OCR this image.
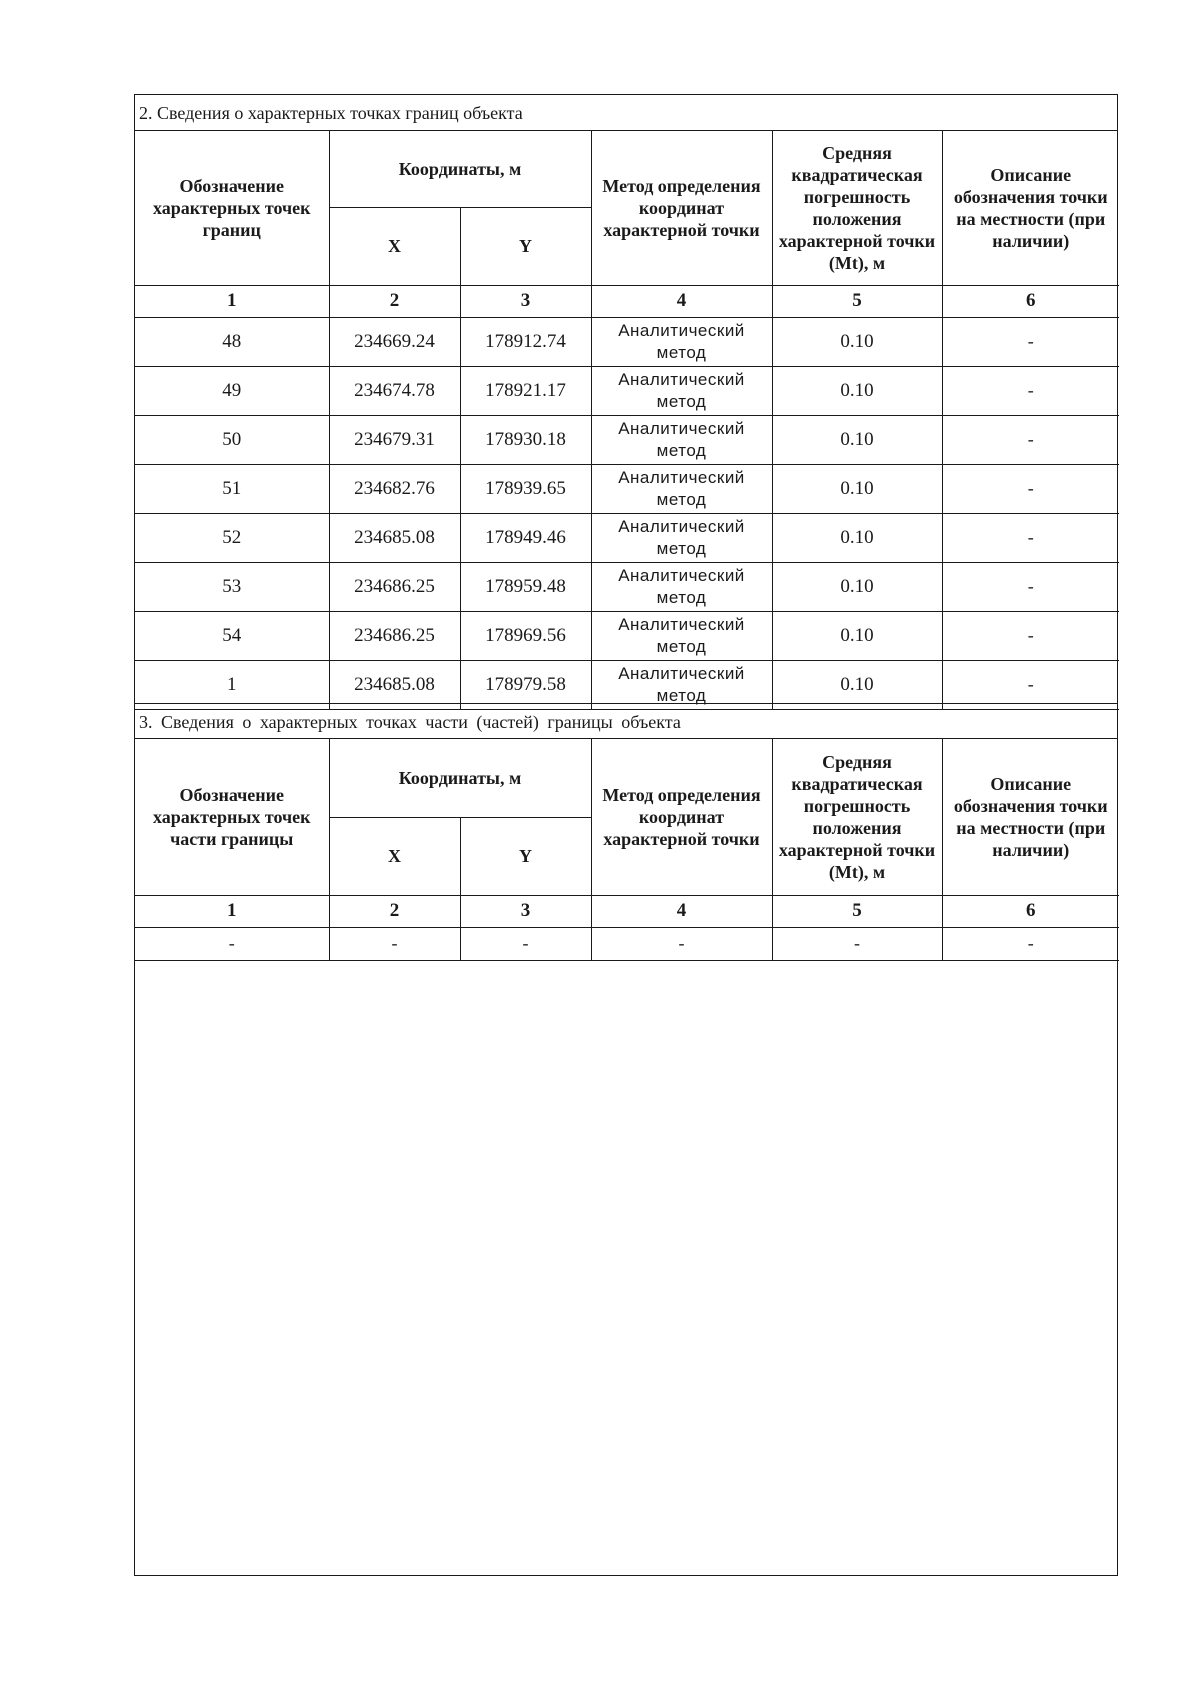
2. Сведения о характерных точках границ объекта
Обозначение характерных точек границ	Координаты, м		Метод определения координат характерной точки	Средняя квадратическая погрешность положения характерной точки (Mt), м	Описание обозначения точки на местности (при наличии)
	X	Y			
1	2	3	4	5	6
48	234669.24	178912.74	Аналитический метод	0.10	-
49	234674.78	178921.17	Аналитический метод	0.10	-
50	234679.31	178930.18	Аналитический метод	0.10	-
51	234682.76	178939.65	Аналитический метод	0.10	-
52	234685.08	178949.46	Аналитический метод	0.10	-
53	234686.25	178959.48	Аналитический метод	0.10	-
54	234686.25	178969.56	Аналитический метод	0.10	-
1	234685.08	178979.58	Аналитический метод	0.10	-
3. Сведения о характерных точках части (частей) границы объекта
Обозначение характерных точек части границы	Координаты, м		Метод определения координат характерной точки	Средняя квадратическая погрешность положения характерной точки (Mt), м	Описание обозначения точки на местности (при наличии)
	X	Y			
1	2	3	4	5	6
-	-	-	-	-	-
